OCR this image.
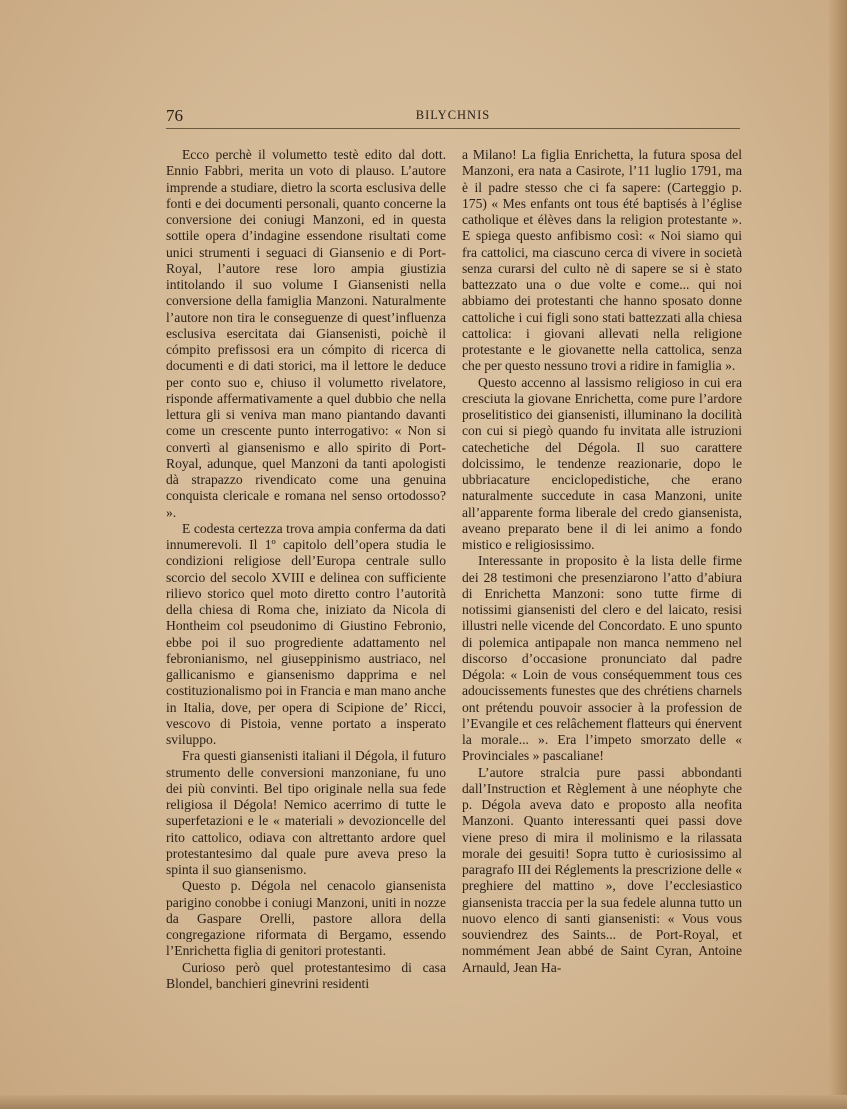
76	BILYCHNIS

Ecco perchè il volumetto testè edito dal dott. Ennio Fabbri, merita un voto di plauso. L’autore imprende a studiare, dietro la scorta esclusiva delle fonti e dei documenti personali, quanto concerne la conversione dei coniugi Manzoni, ed in questa sottile opera d’indagine essendone risultati come unici strumenti i seguaci di Giansenio e di Port-Royal, l’autore rese loro ampia giustizia intitolando il suo volume I Giansenisti nella conversione della famiglia Manzoni. Naturalmente l’autore non tira le conseguenze di quest’influenza esclusiva esercitata dai Giansenisti, poichè il cómpito prefissosi era un cómpito di ricerca di documenti e di dati storici, ma il lettore le deduce per conto suo e, chiuso il volumetto rivelatore, risponde affermativamente a quel dubbio che nella lettura gli si veniva man mano piantando davanti come un crescente punto interrogativo: « Non si convertì al giansenismo e allo spirito di Port-Royal, adunque, quel Manzoni da tanti apologisti dà strapazzo rivendicato come una genuina conquista clericale e romana nel senso ortodosso? ».

E codesta certezza trova ampia conferma da dati innumerevoli. Il 1º capitolo dell’opera studia le condizioni religiose dell’Europa centrale sullo scorcio del secolo XVIII e delinea con sufficiente rilievo storico quel moto diretto contro l’autorità della chiesa di Roma che, iniziato da Nicola di Hontheim col pseudonimo di Giustino Febronio, ebbe poi il suo progrediente adattamento nel febronianismo, nel giuseppinismo austriaco, nel gallicanismo e giansenismo dapprima e nel costituzionalismo poi in Francia e man mano anche in Italia, dove, per opera di Scipione de’ Ricci, vescovo di Pistoia, venne portato a insperato sviluppo.

Fra questi giansenisti italiani il Dégola, il futuro strumento delle conversioni manzoniane, fu uno dei più convinti. Bel tipo originale nella sua fede religiosa il Dégola! Nemico acerrimo di tutte le superfetazioni e le « materiali » devozioncelle del rito cattolico, odiava con altrettanto ardore quel protestantesimo dal quale pure aveva preso la spinta il suo giansenismo.

Questo p. Dégola nel cenacolo giansenista parigino conobbe i coniugi Manzoni, uniti in nozze da Gaspare Orelli, pastore allora della congregazione riformata di Bergamo, essendo l’Enrichetta figlia di genitori protestanti.

Curioso però quel protestantesimo di casa Blondel, banchieri ginevrini residenti

a Milano! La figlia Enrichetta, la futura sposa del Manzoni, era nata a Casirote, l’11 luglio 1791, ma è il padre stesso che ci fa sapere: (Carteggio p. 175) « Mes enfants ont tous été baptisés à l’église catholique et élèves dans la religion protestante ». E spiega questo anfibismo così: « Noi siamo qui fra cattolici, ma ciascuno cerca di vivere in società senza curarsi del culto nè di sapere se si è stato battezzato una o due volte e come... qui noi abbiamo dei protestanti che hanno sposato donne cattoliche i cui figli sono stati battezzati alla chiesa cattolica: i giovani allevati nella religione protestante e le giovanette nella cattolica, senza che per questo nessuno trovi a ridire in famiglia ».

Questo accenno al lassismo religioso in cui era cresciuta la giovane Enrichetta, come pure l’ardore proselitistico dei giansenisti, illuminano la docilità con cui si piegò quando fu invitata alle istruzioni catechetiche del Dégola. Il suo carattere dolcissimo, le tendenze reazionarie, dopo le ubbriacature enciclopedistiche, che erano naturalmente succedute in casa Manzoni, unite all’apparente forma liberale del credo giansenista, aveano preparato bene il di lei animo a fondo mistico e religiosissimo.

Interessante in proposito è la lista delle firme dei 28 testimoni che presenziarono l’atto d’abiura di Enrichetta Manzoni: sono tutte firme di notissimi giansenisti del clero e del laicato, resisi illustri nelle vicende del Concordato. E uno spunto di polemica antipapale non manca nemmeno nel discorso d’occasione pronunciato dal padre Dégola: « Loin de vous conséquemment tous ces adoucissements funestes que des chrétiens charnels ont prétendu pouvoir associer à la profession de l’Evangile et ces relâchement flatteurs qui énervent la morale... ». Era l’impeto smorzato delle « Provinciales » pascaliane!

L’autore stralcia pure passi abbondanti dall’Instruction et Règlement à une néophyte che p. Dégola aveva dato e proposto alla neofita Manzoni. Quanto interessanti quei passi dove viene preso di mira il molinismo e la rilassata morale dei gesuiti! Sopra tutto è curiosissimo al paragrafo III dei Réglements la prescrizione delle « preghiere del mattino », dove l’ecclesiastico giansenista traccia per la sua fedele alunna tutto un nuovo elenco di santi giansenisti: « Vous vous souviendrez des Saints... de Port-Royal, et nommément Jean abbé de Saint Cyran, Antoine Arnauld, Jean Ha-
